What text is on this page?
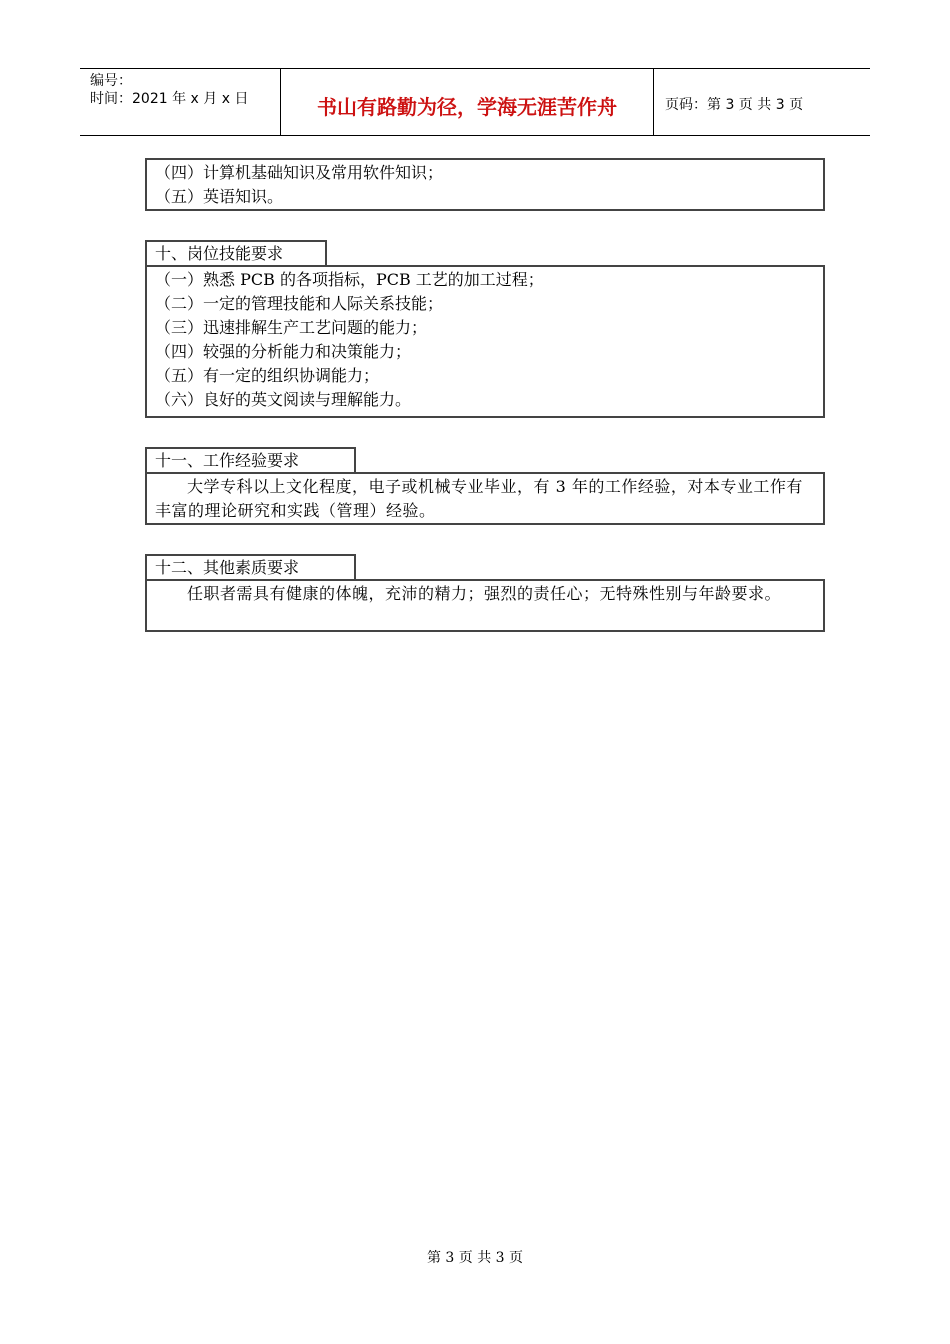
编号：
时间：2021 年 x 月 x 日	书山有路勤为径，学海无涯苦作舟	页码：第 3 页 共 3 页
（四）计算机基础知识及常用软件知识；
（五）英语知识。
十、岗位技能要求
（一）熟悉 PCB 的各项指标，PCB 工艺的加工过程；
（二）一定的管理技能和人际关系技能；
（三）迅速排解生产工艺问题的能力；
（四）较强的分析能力和决策能力；
（五）有一定的组织协调能力；
（六）良好的英文阅读与理解能力。
十一、工作经验要求
大学专科以上文化程度，电子或机械专业毕业，有 3 年的工作经验，对本专业工作有丰富的理论研究和实践（管理）经验。
十二、其他素质要求
任职者需具有健康的体魄，充沛的精力；强烈的责任心；无特殊性别与年龄要求。
第 3 页 共 3 页
